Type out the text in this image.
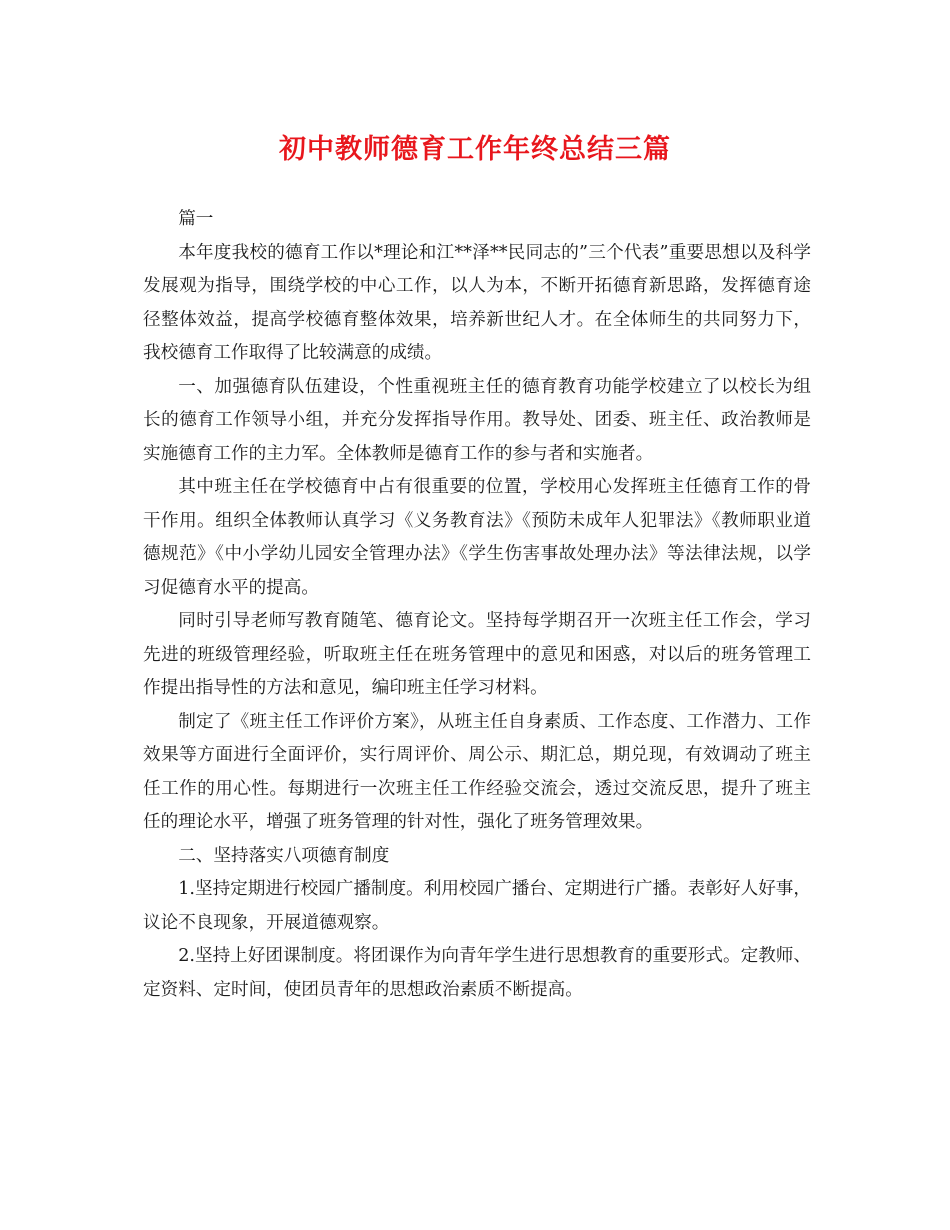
初中教师德育工作年终总结三篇

篇一

本年度我校的德育工作以*理论和江**泽**民同志的”三个代表”重要思想以及科学发展观为指导，围绕学校的中心工作，以人为本，不断开拓德育新思路，发挥德育途径整体效益，提高学校德育整体效果，培养新世纪人才。在全体师生的共同努力下，我校德育工作取得了比较满意的成绩。

一、加强德育队伍建设，个性重视班主任的德育教育功能学校建立了以校长为组长的德育工作领导小组，并充分发挥指导作用。教导处、团委、班主任、政治教师是实施德育工作的主力军。全体教师是德育工作的参与者和实施者。

其中班主任在学校德育中占有很重要的位置，学校用心发挥班主任德育工作的骨干作用。组织全体教师认真学习《义务教育法》《预防未成年人犯罪法》《教师职业道德规范》《中小学幼儿园安全管理办法》《学生伤害事故处理办法》等法律法规，以学习促德育水平的提高。

同时引导老师写教育随笔、德育论文。坚持每学期召开一次班主任工作会，学习先进的班级管理经验，听取班主任在班务管理中的意见和困惑，对以后的班务管理工作提出指导性的方法和意见，编印班主任学习材料。

制定了《班主任工作评价方案》，从班主任自身素质、工作态度、工作潜力、工作效果等方面进行全面评价，实行周评价、周公示、期汇总，期兑现，有效调动了班主任工作的用心性。每期进行一次班主任工作经验交流会，透过交流反思，提升了班主任的理论水平，增强了班务管理的针对性，强化了班务管理效果。

二、坚持落实八项德育制度

1.坚持定期进行校园广播制度。利用校园广播台、定期进行广播。表彰好人好事，议论不良现象，开展道德观察。

2.坚持上好团课制度。将团课作为向青年学生进行思想教育的重要形式。定教师、定资料、定时间，使团员青年的思想政治素质不断提高。
